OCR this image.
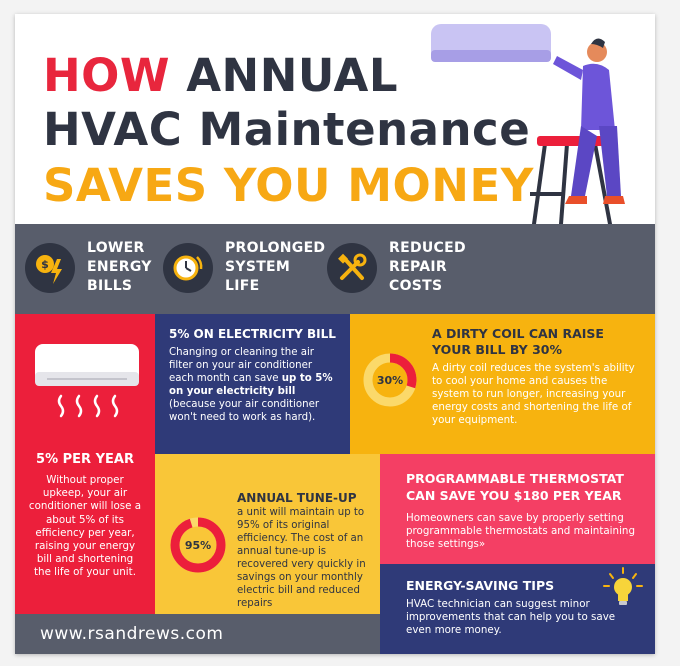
HOW ANNUAL
HVAC Maintenance
SAVES YOU MONEY
$
LOWER
ENERGY
BILLS
PROLONGED
SYSTEM
LIFE
REDUCED
REPAIR
COSTS
5% PER YEAR

Without proper upkeep, your air conditioner will lose a about 5% of its efficiency per year, raising your energy bill and shortening the life of your unit.

5% ON ELECTRICITY BILL

Changing or cleaning the air filter on your air conditioner each month can save up to 5% on your electricity bill (because your air conditioner won't need to work as hard).

30%
A DIRTY COIL CAN RAISE YOUR BILL BY 30%

A dirty coil reduces the system's ability to cool your home and causes the system to run longer, increasing your energy costs and shortening the life of your equipment.

95%
ANNUAL TUNE-UP

a unit will maintain up to 95% of its original efficiency. The cost of an annual tune-up is recovered very quickly in savings on your monthly electric bill and reduced repairs

PROGRAMMABLE THERMOSTAT CAN SAVE YOU $180 PER YEAR

Homeowners can save by properly setting programmable thermostats and maintaining those settings»

ENERGY-SAVING TIPS

HVAC technician can suggest minor improvements that can help you to save even more money.

www.rsandrews.com
